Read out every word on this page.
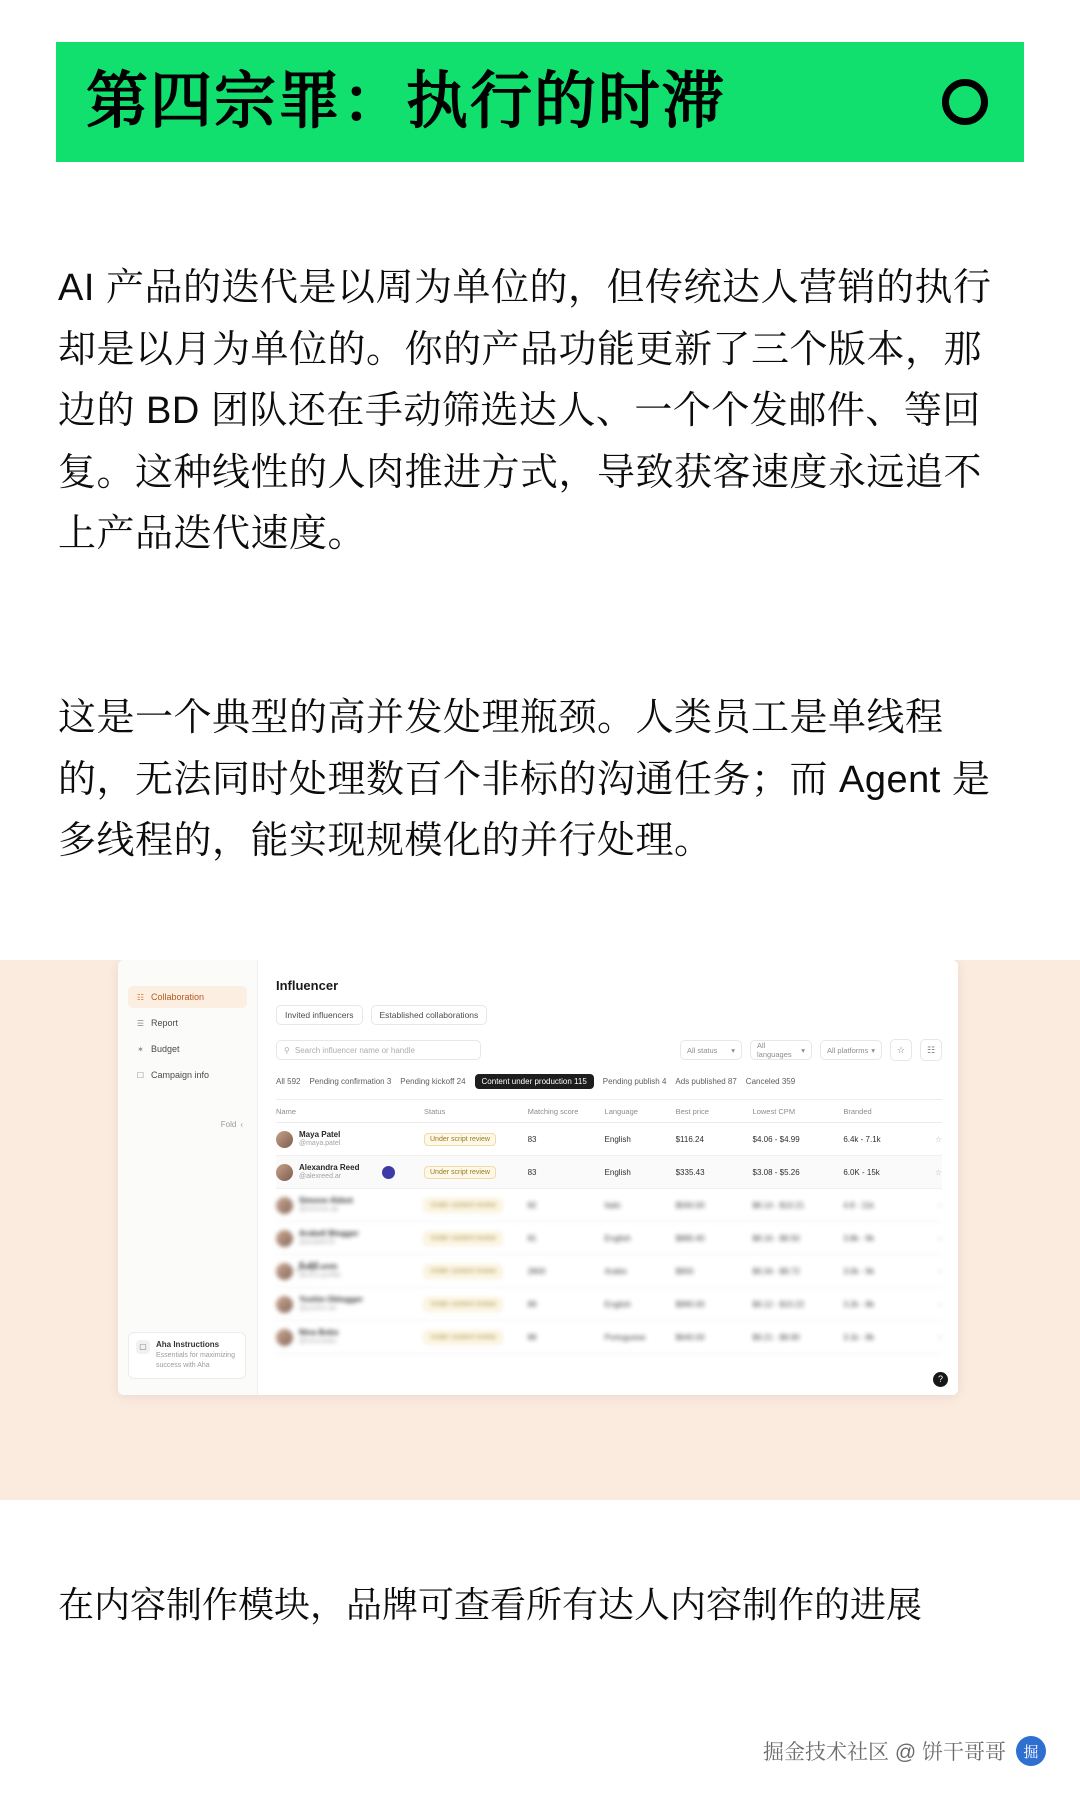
第四宗罪：执行的时滞
AI 产品的迭代是以周为单位的，但传统达人营销的执行却是以月为单位的。你的产品功能更新了三个版本，那边的 BD 团队还在手动筛选达人、一个个发邮件、等回复。这种线性的人肉推进方式，导致获客速度永远追不上产品迭代速度。
这是一个典型的高并发处理瓶颈。人类员工是单线程的，无法同时处理数百个非标的沟通任务；而 Agent 是多线程的，能实现规模化的并行处理。
☷ Collaboration
☰ Report
✶ Budget
☐ Campaign info
Fold ‹
▢	Aha Instructions
Essentials for maximizing success with Aha
Influencer
Invited influencers	Established collaborations
⚲ Search influencer name or handle	All status ▾	All languages	▾	All platforms ▾	☆	☷
All 592 Pending confirmation 3 Pending kickoff 24	Content under production 115	Pending publish 4 Ads published 87 Canceled 359
Name	Status	Matching score	Language	Best price	Lowest CPM	Branded
Maya Patel
@maya.patel
Under script review	83	English	$116.24	$4.06 - $4.99	6.4k - 7.1k	☆
Alexandra Reed
@alexreed.ar
Under script review	83	English	$335.43	$3.08 - $5.26	6.0K - 15k	☆
Simone Abbot
@simone.ab
Under content review	82	Italic	$560.00	$8.14 - $10.21	4.8 - 11k	○
Arabell Blogger
@arabell.bl
Under content review	81	English	$880.40	$8.16 - $9.50	3.8k - 9k	○
ุยิ่งคุ้มี.unm
@unm.profile
Under content review	2800	Arabic	$900	$9.34 - $9.72	3.0k - 9k	○
Yoshin Oblogger
@yoshin.ob
Under content review	89	English	$990.00	$9.12 - $10.22	3.2k - 8k	○
Nina Bobs
@nina.bobs
Under content review	88	Portuguese	$640.00	$9.21 - $9.90	3.1k - 8k	○
?
在内容制作模块，品牌可查看所有达人内容制作的进展
掘金技术社区 @ 饼干哥哥	掘
